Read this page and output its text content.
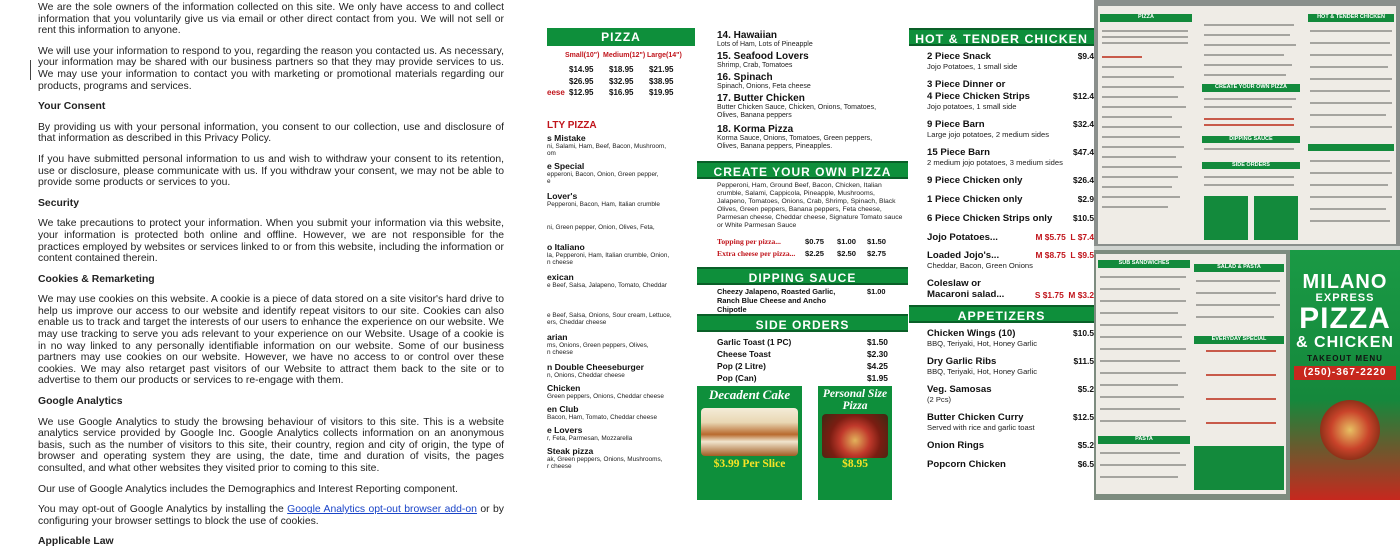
We are the sole owners of the information collected on this site. We only have access to and collect information that you voluntarily give us via email or other direct contact from you. We will not sell or rent this information to anyone.

We will use your information to respond to you, regarding the reason you contacted us. As necessary, your information may be shared with our business partners so that they may provide services to us. We may use your information to contact you with marketing or promotional materials regarding our products, programs and services.

Your Consent

By providing us with your personal information, you consent to our collection, use and disclosure of that information as described in this Privacy Policy.

If you have submitted personal information to us and wish to withdraw your consent to its retention, use or disclosure, please communicate with us. If you withdraw your consent, we may not be able to provide some products or services to you.

Security

We take precautions to protect your information. When you submit your information via this website, your information is protected both online and offline. However, we are not responsible for the practices employed by websites or services linked to or from this website, including the information or content contained therein.

Cookies & Remarketing

We may use cookies on this website. A cookie is a piece of data stored on a site visitor's hard drive to help us improve our access to our website and identify repeat visitors to our site. Cookies can also enable us to track and target the interests of our users to enhance the experience on our website. We may use tracking to serve you ads relevant to your experience on our Website. Usage of a cookie is in no way linked to any personally identifiable information on our website. Some of our business partners may use cookies on our website. However, we have no access to or control over these cookies. We may also retarget past visitors of our Website to attract them back to the site or to advertise to them our products or services to re-engage with them.

Google Analytics

We use Google Analytics to study the browsing behaviour of visitors to this site. This is a website analytics service provided by Google Inc. Google Analytics collects information on an anonymous basis, such as the number of visitors to this site, their country, region and city of origin, the type of browser and operating system they are using, the date, time and duration of visits, the pages consulted, and what other websites they visited prior to coming to this site.

Our use of Google Analytics includes the Demographics and Interest Reporting component.

You may opt-out of Google Analytics by installing the Google Analytics opt-out browser add-on or by configuring your browser settings to block the use of cookies.

Applicable Law
PIZZA
Small(10") Medium(12") Large(14")
$14.95 $18.95 $21.95
$26.95 $32.95 $38.95
eese $12.95 $16.95 $19.95
LTY PIZZA
s Mistake
ni, Salami, Ham, Beef, Bacon, Mushroom,
om
e Special
epperoni, Bacon, Onion, Green pepper,
e
Lover's
Pepperoni, Bacon, Ham, Italian crumble
ni, Green pepper, Onion, Olives, Feta,
o Italiano
la, Pepperoni, Ham, Italian crumble, Onion,
n cheese
exican
e Beef, Salsa, Jalapeno, Tomato, Cheddar
e Beef, Salsa, Onions, Sour cream, Lettuce,
ers, Cheddar cheese
arian
ms, Onions, Green peppers, Olives,
n cheese
n Double Cheeseburger
n, Onions, Cheddar cheese
Chicken
Green peppers, Onions, Cheddar cheese
en Club
Bacon, Ham, Tomato, Cheddar cheese
e Lovers
r, Feta, Parmesan, Mozzarella
Steak pizza
ak, Green peppers, Onions, Mushrooms,
r cheese
14. Hawaiian
Lots of Ham, Lots of Pineapple
15. Seafood Lovers
Shrimp, Crab, Tomatoes
16. Spinach
Spinach, Onions, Feta cheese
17. Butter Chicken
Butter Chicken Sauce, Chicken, Onions, Tomatoes,
Olives, Banana peppers
18. Korma Pizza
Korma Sauce, Onions, Tomatoes, Green peppers,
Olives, Banana peppers, Pineapples.
CREATE YOUR OWN PIZZA
Pepperoni, Ham, Ground Beef, Bacon, Chicken, Italian crumble, Salami, Cappicola, Pineapple, Mushrooms, Jalapeno, Tomatoes, Onions, Crab, Shrimp, Spinach, Black Olives, Green peppers, Banana peppers, Feta cheese, Parmesan cheese, Cheddar cheese, Signature Tomato sauce or White Parmesan Sauce
Topping per pizza...	$0.75 $1.00 $1.50
Extra cheese per pizza... $2.25 $2.50 $2.75
DIPPING SAUCE
Cheezy Jalapeno, Roasted Garlic, Ranch Blue Cheese and Ancho Chipotle
$1.00
SIDE ORDERS
Garlic Toast (1 PC)	$1.50
Cheese Toast	$2.30
Pop (2 Litre)	$4.25
Pop (Can)	$1.95
Decadent Cake
$3.99 Per Slice
Personal Size Pizza
$8.95
HOT & TENDER CHICKEN
2 Piece Snack
Jojo Potatoes, 1 small side
$9.4
3 Piece Dinner or
4 Piece Chicken Strips
Jojo potatoes, 1 small side
$12.4
9 Piece Barn
Large jojo potatoes, 2 medium sides
$32.4
15 Piece Barn
2 medium jojo potatoes, 3 medium sides
$47.4
9 Piece Chicken only	$26.4
1 Piece Chicken only	$2.9
6 Piece Chicken Strips only	$10.5
Jojo Potatoes...	M $5.75 L $7.4
Loaded Jojo's...
Cheddar, Bacon, Green Onions
M $8.75 L $9.5
Coleslaw or
Macaroni salad...	S $1.75 M $3.2
APPETIZERS
Chicken Wings (10)
BBQ, Teriyaki, Hot, Honey Garlic
$10.5
Dry Garlic Ribs
BBQ, Teriyaki, Hot, Honey Garlic
$11.5
Veg. Samosas
(2 Pcs)
$5.2
Butter Chicken Curry
Served with rice and garlic toast
$12.5
Onion Rings	$5.2
Popcorn Chicken	$6.5
PIZZA
CREATE YOUR OWN PIZZA
HOT & TENDER CHICKEN
DIPPING SAUCE
SIDE ORDERS
SUB SANDWICHES
SALAD & PASTA
EVERYDAY SPECIAL
PASTA
MILANO
EXPRESS
PIZZA
& CHICKEN
TAKEOUT MENU
(250)-367-2220
